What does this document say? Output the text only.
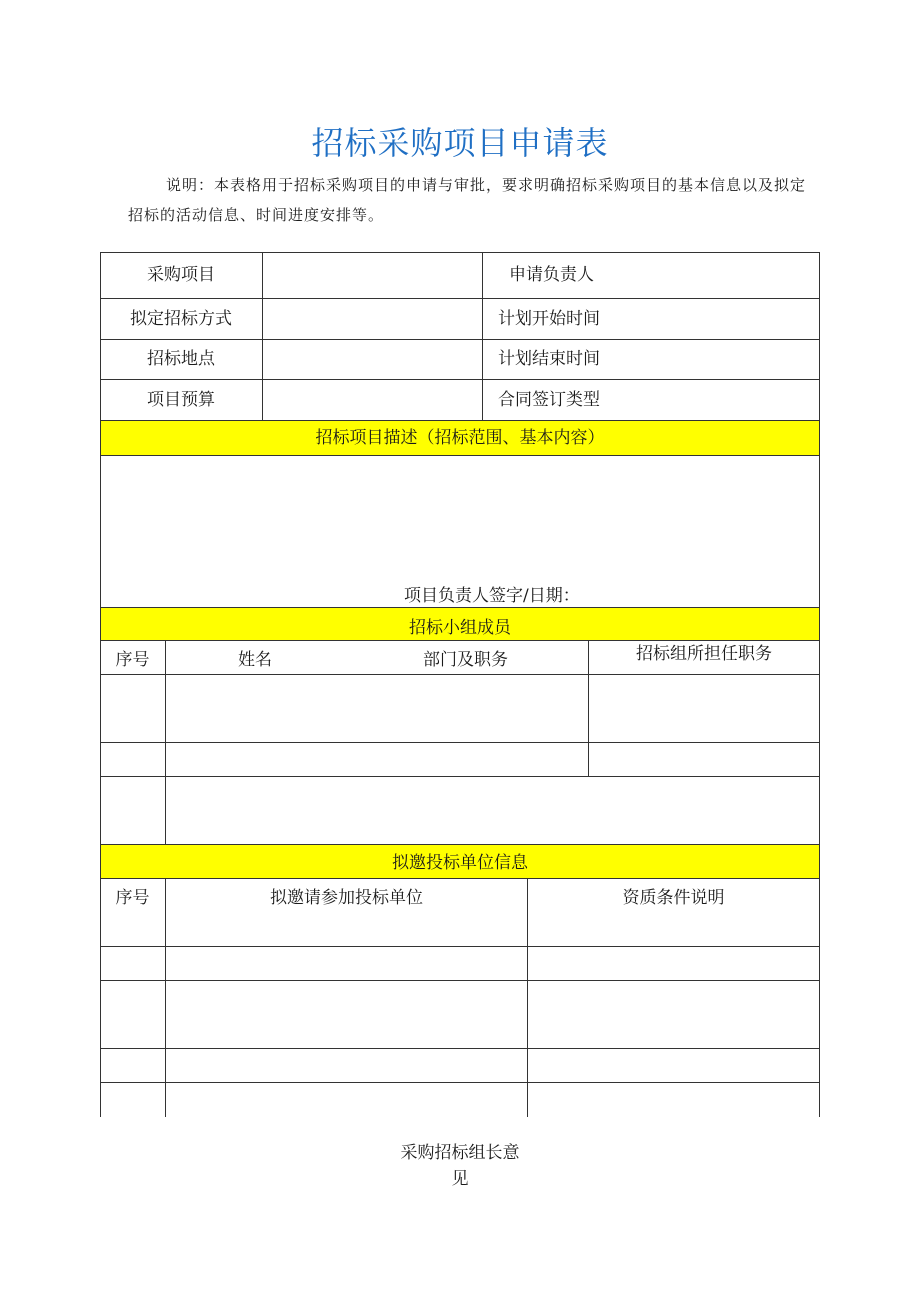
招标采购项目申请表
说明：本表格用于招标采购项目的申请与审批，要求明确招标采购项目的基本信息以及拟定招标的活动信息、时间进度安排等。
采购项目	申请负责人
拟定招标方式	计划开始时间
招标地点	计划结束时间
项目预算	合同签订类型
招标项目描述（招标范围、基本内容）
项目负责人签字/日期：
招标小组成员
序号	姓名	部门及职务	招标组所担任职务
拟邀投标单位信息
序号	拟邀请参加投标单位	资质条件说明
采购招标组长意
见
